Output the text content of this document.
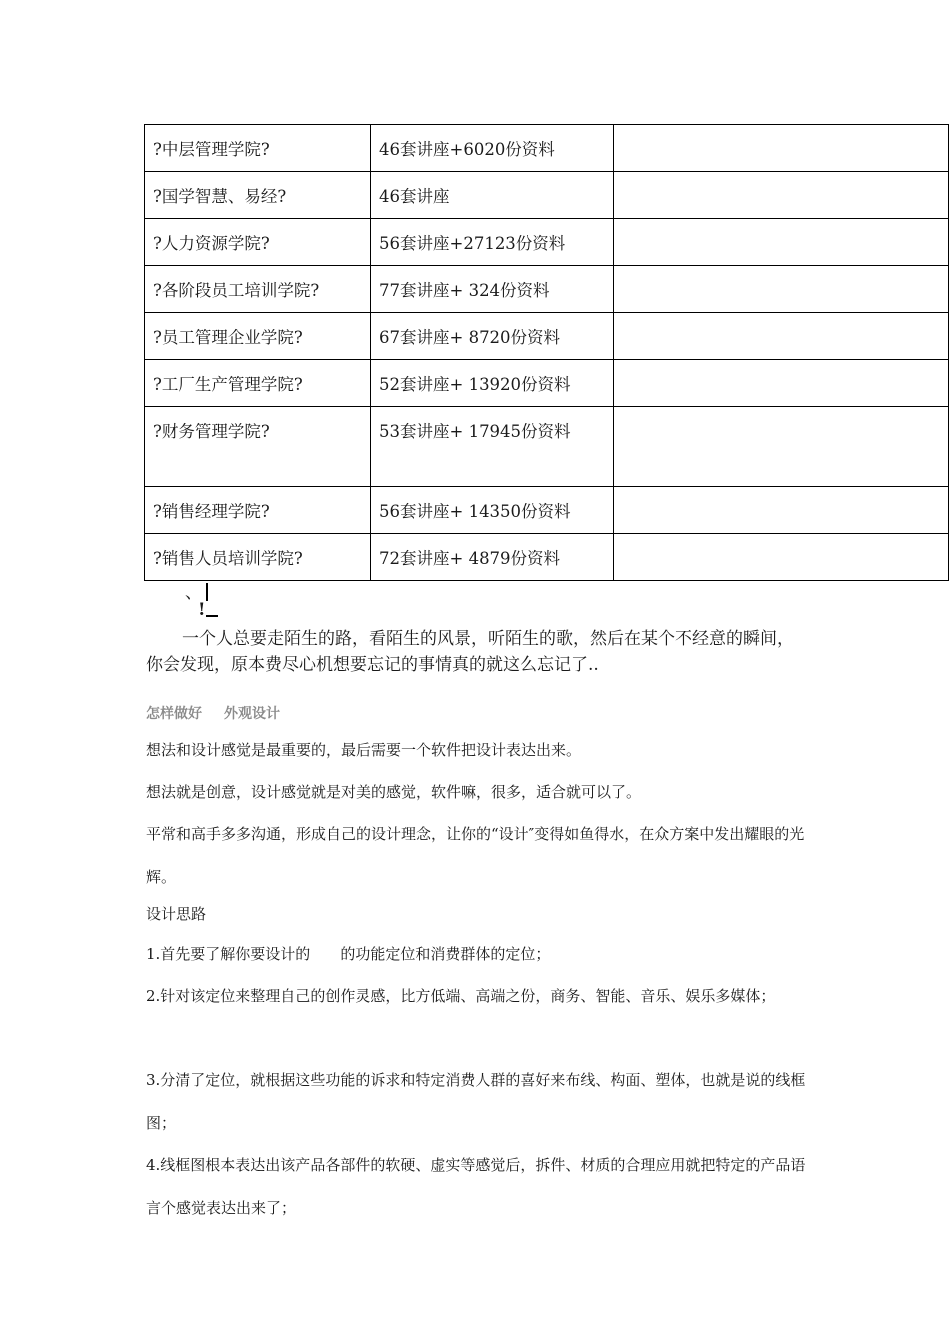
?中层管理学院?	46套讲座+6020份资料	
?国学智慧、易经?	46套讲座	
?人力资源学院?	56套讲座+27123份资料	
?各阶段员工培训学院?	77套讲座+ 324份资料	
?员工管理企业学院?	67套讲座+ 8720份资料	
?工厂生产管理学院?	52套讲座+ 13920份资料	
?财务管理学院?	53套讲座+ 17945份资料	
?销售经理学院?	56套讲座+ 14350份资料	
?销售人员培训学院?	72套讲座+ 4879份资料	
、
!

一个人总要走陌生的路，看陌生的风景，听陌生的歌，然后在某个不经意的瞬间，你会发现，原本费尽心机想要忘记的事情真的就这么忘记了..

怎样做好 外观设计

想法和设计感觉是最重要的，最后需要一个软件把设计表达出来。

想法就是创意，设计感觉就是对美的感觉，软件嘛，很多，适合就可以了。

平常和高手多多沟通，形成自己的设计理念，让你的“设计″变得如鱼得水，在众方案中发出耀眼的光辉。

设计思路

1.首先要了解你要设计的　　的功能定位和消费群体的定位；

2.针对该定位来整理自己的创作灵感，比方低端、高端之份，商务、智能、音乐、娱乐多媒体；

3.分清了定位，就根据这些功能的诉求和特定消费人群的喜好来布线、构面、塑体，也就是说的线框图；

4.线框图根本表达出该产品各部件的软硬、虚实等感觉后，拆件、材质的合理应用就把特定的产品语言个感觉表达出来了；
